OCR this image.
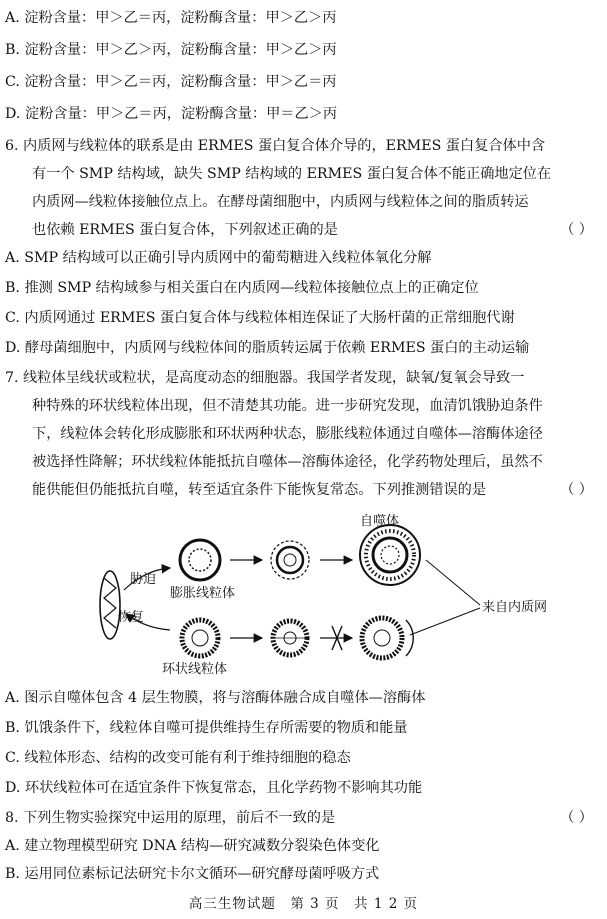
A. 淀粉含量：甲＞乙＝丙，淀粉酶含量：甲＞乙＞丙
B. 淀粉含量：甲＞乙＞丙，淀粉酶含量：甲＞乙＞丙
C. 淀粉含量：甲＞乙＝丙，淀粉酶含量：甲＞乙＝丙
D. 淀粉含量：甲＞乙＝丙，淀粉酶含量：甲＝乙＞丙
6. 内质网与线粒体的联系是由 ERMES 蛋白复合体介导的，ERMES 蛋白复合体中含
有一个 SMP 结构域，缺失 SMP 结构域的 ERMES 蛋白复合体不能正确地定位在
内质网—线粒体接触位点上。在酵母菌细胞中，内质网与线粒体之间的脂质转运
也依赖 ERMES 蛋白复合体，下列叙述正确的是	（ ）
A. SMP 结构域可以正确引导内质网中的葡萄糖进入线粒体氧化分解
B. 推测 SMP 结构域参与相关蛋白在内质网—线粒体接触位点上的正确定位
C. 内质网通过 ERMES 蛋白复合体与线粒体相连保证了大肠杆菌的正常细胞代谢
D. 酵母菌细胞中，内质网与线粒体间的脂质转运属于依赖 ERMES 蛋白的主动运输
7. 线粒体呈线状或粒状，是高度动态的细胞器。我国学者发现，缺氧/复氧会导致一
种特殊的环状线粒体出现，但不清楚其功能。进一步研究发现，血清饥饿胁迫条件
下，线粒体会转化形成膨胀和环状两种状态，膨胀线粒体通过自噬体—溶酶体途径
被选择性降解；环状线粒体能抵抗自噬体—溶酶体途径，化学药物处理后，虽然不
能供能但仍能抵抗自噬，转至适宜条件下能恢复常态。下列推测错误的是	（ ）
自噬体
胁迫
恢复
膨胀线粒体
环状线粒体
来自内质网
A. 图示自噬体包含 4 层生物膜，将与溶酶体融合成自噬体—溶酶体
B. 饥饿条件下，线粒体自噬可提供维持生存所需要的物质和能量
C. 线粒体形态、结构的改变可能有利于维持细胞的稳态
D. 环状线粒体可在适宜条件下恢复常态，且化学药物不影响其功能
8. 下列生物实验探究中运用的原理，前后不一致的是	（ ）
A. 建立物理模型研究 DNA 结构—研究减数分裂染色体变化
B. 运用同位素标记法研究卡尔文循环—研究酵母菌呼吸方式
高三生物试题　第 3 页　共 1 2 页
